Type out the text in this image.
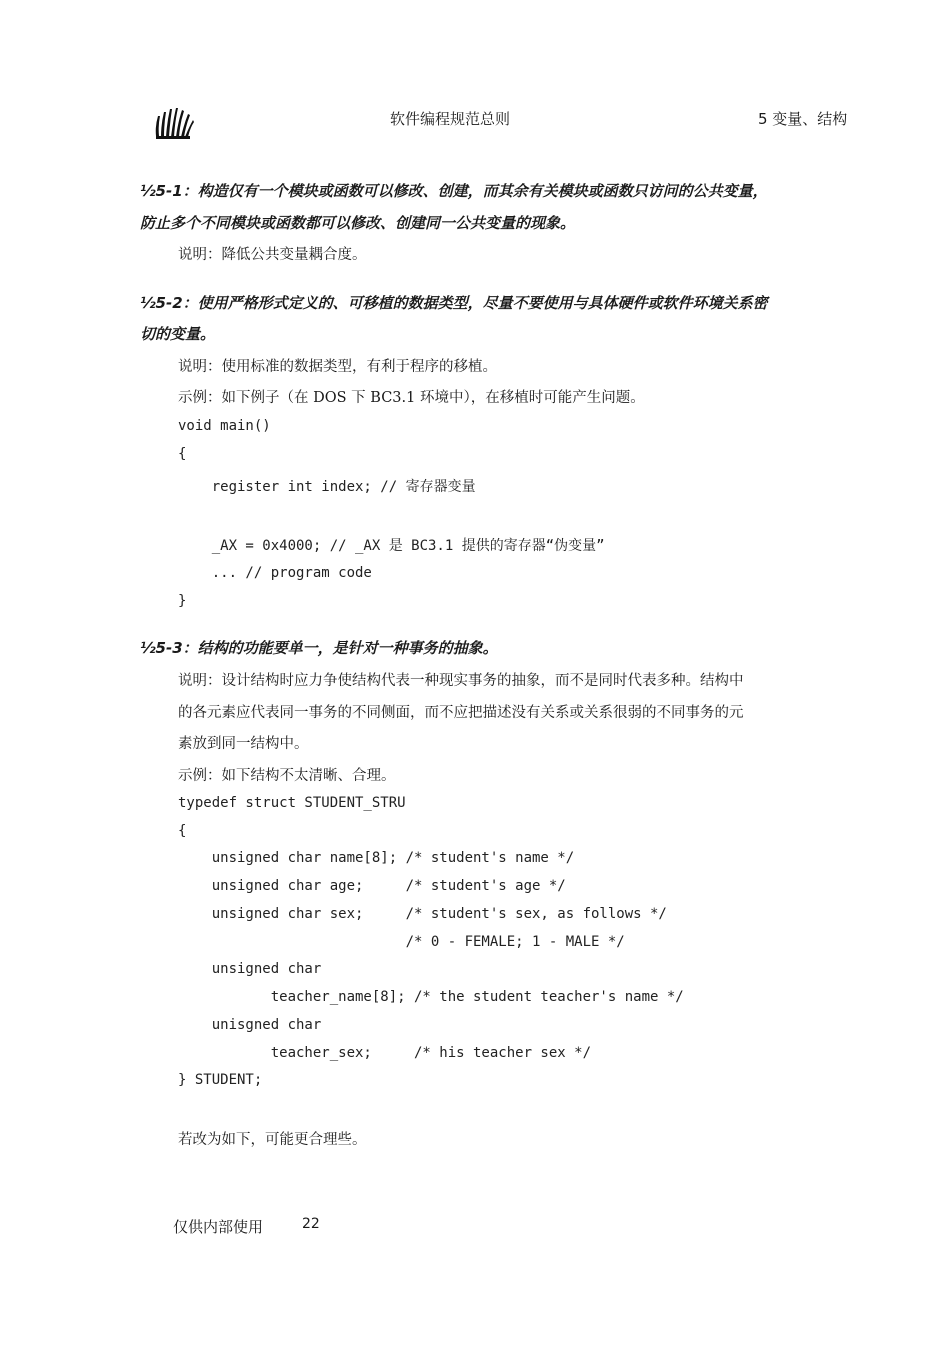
软件编程规范总则	5 变量、结构
½5-1：构造仅有一个模块或函数可以修改、创建，而其余有关模块或函数只访问的公共变量，
防止多个不同模块或函数都可以修改、创建同一公共变量的现象。
说明：降低公共变量耦合度。
½5-2：使用严格形式定义的、可移植的数据类型，尽量不要使用与具体硬件或软件环境关系密
切的变量。
说明：使用标准的数据类型，有利于程序的移植。
示例：如下例子（在 DOS 下 BC3.1 环境中），在移植时可能产生问题。
void main()
{
register int index; // 寄存器变量
_AX = 0x4000; // _AX 是 BC3.1 提供的寄存器“伪变量”
... // program code
}
½5-3：结构的功能要单一，是针对一种事务的抽象。
说明：设计结构时应力争使结构代表一种现实事务的抽象，而不是同时代表多种。结构中
的各元素应代表同一事务的不同侧面，而不应把描述没有关系或关系很弱的不同事务的元
素放到同一结构中。
示例：如下结构不太清晰、合理。
typedef struct STUDENT_STRU
{
unsigned char name[8]; /* student's name */
unsigned char age;     /* student's age */
unsigned char sex;     /* student's sex, as follows */
/* 0 - FEMALE; 1 - MALE */
unsigned char
teacher_name[8]; /* the student teacher's name */
unisgned char
teacher_sex;     /* his teacher sex */
} STUDENT;
若改为如下，可能更合理些。
仅供内部使用	22
